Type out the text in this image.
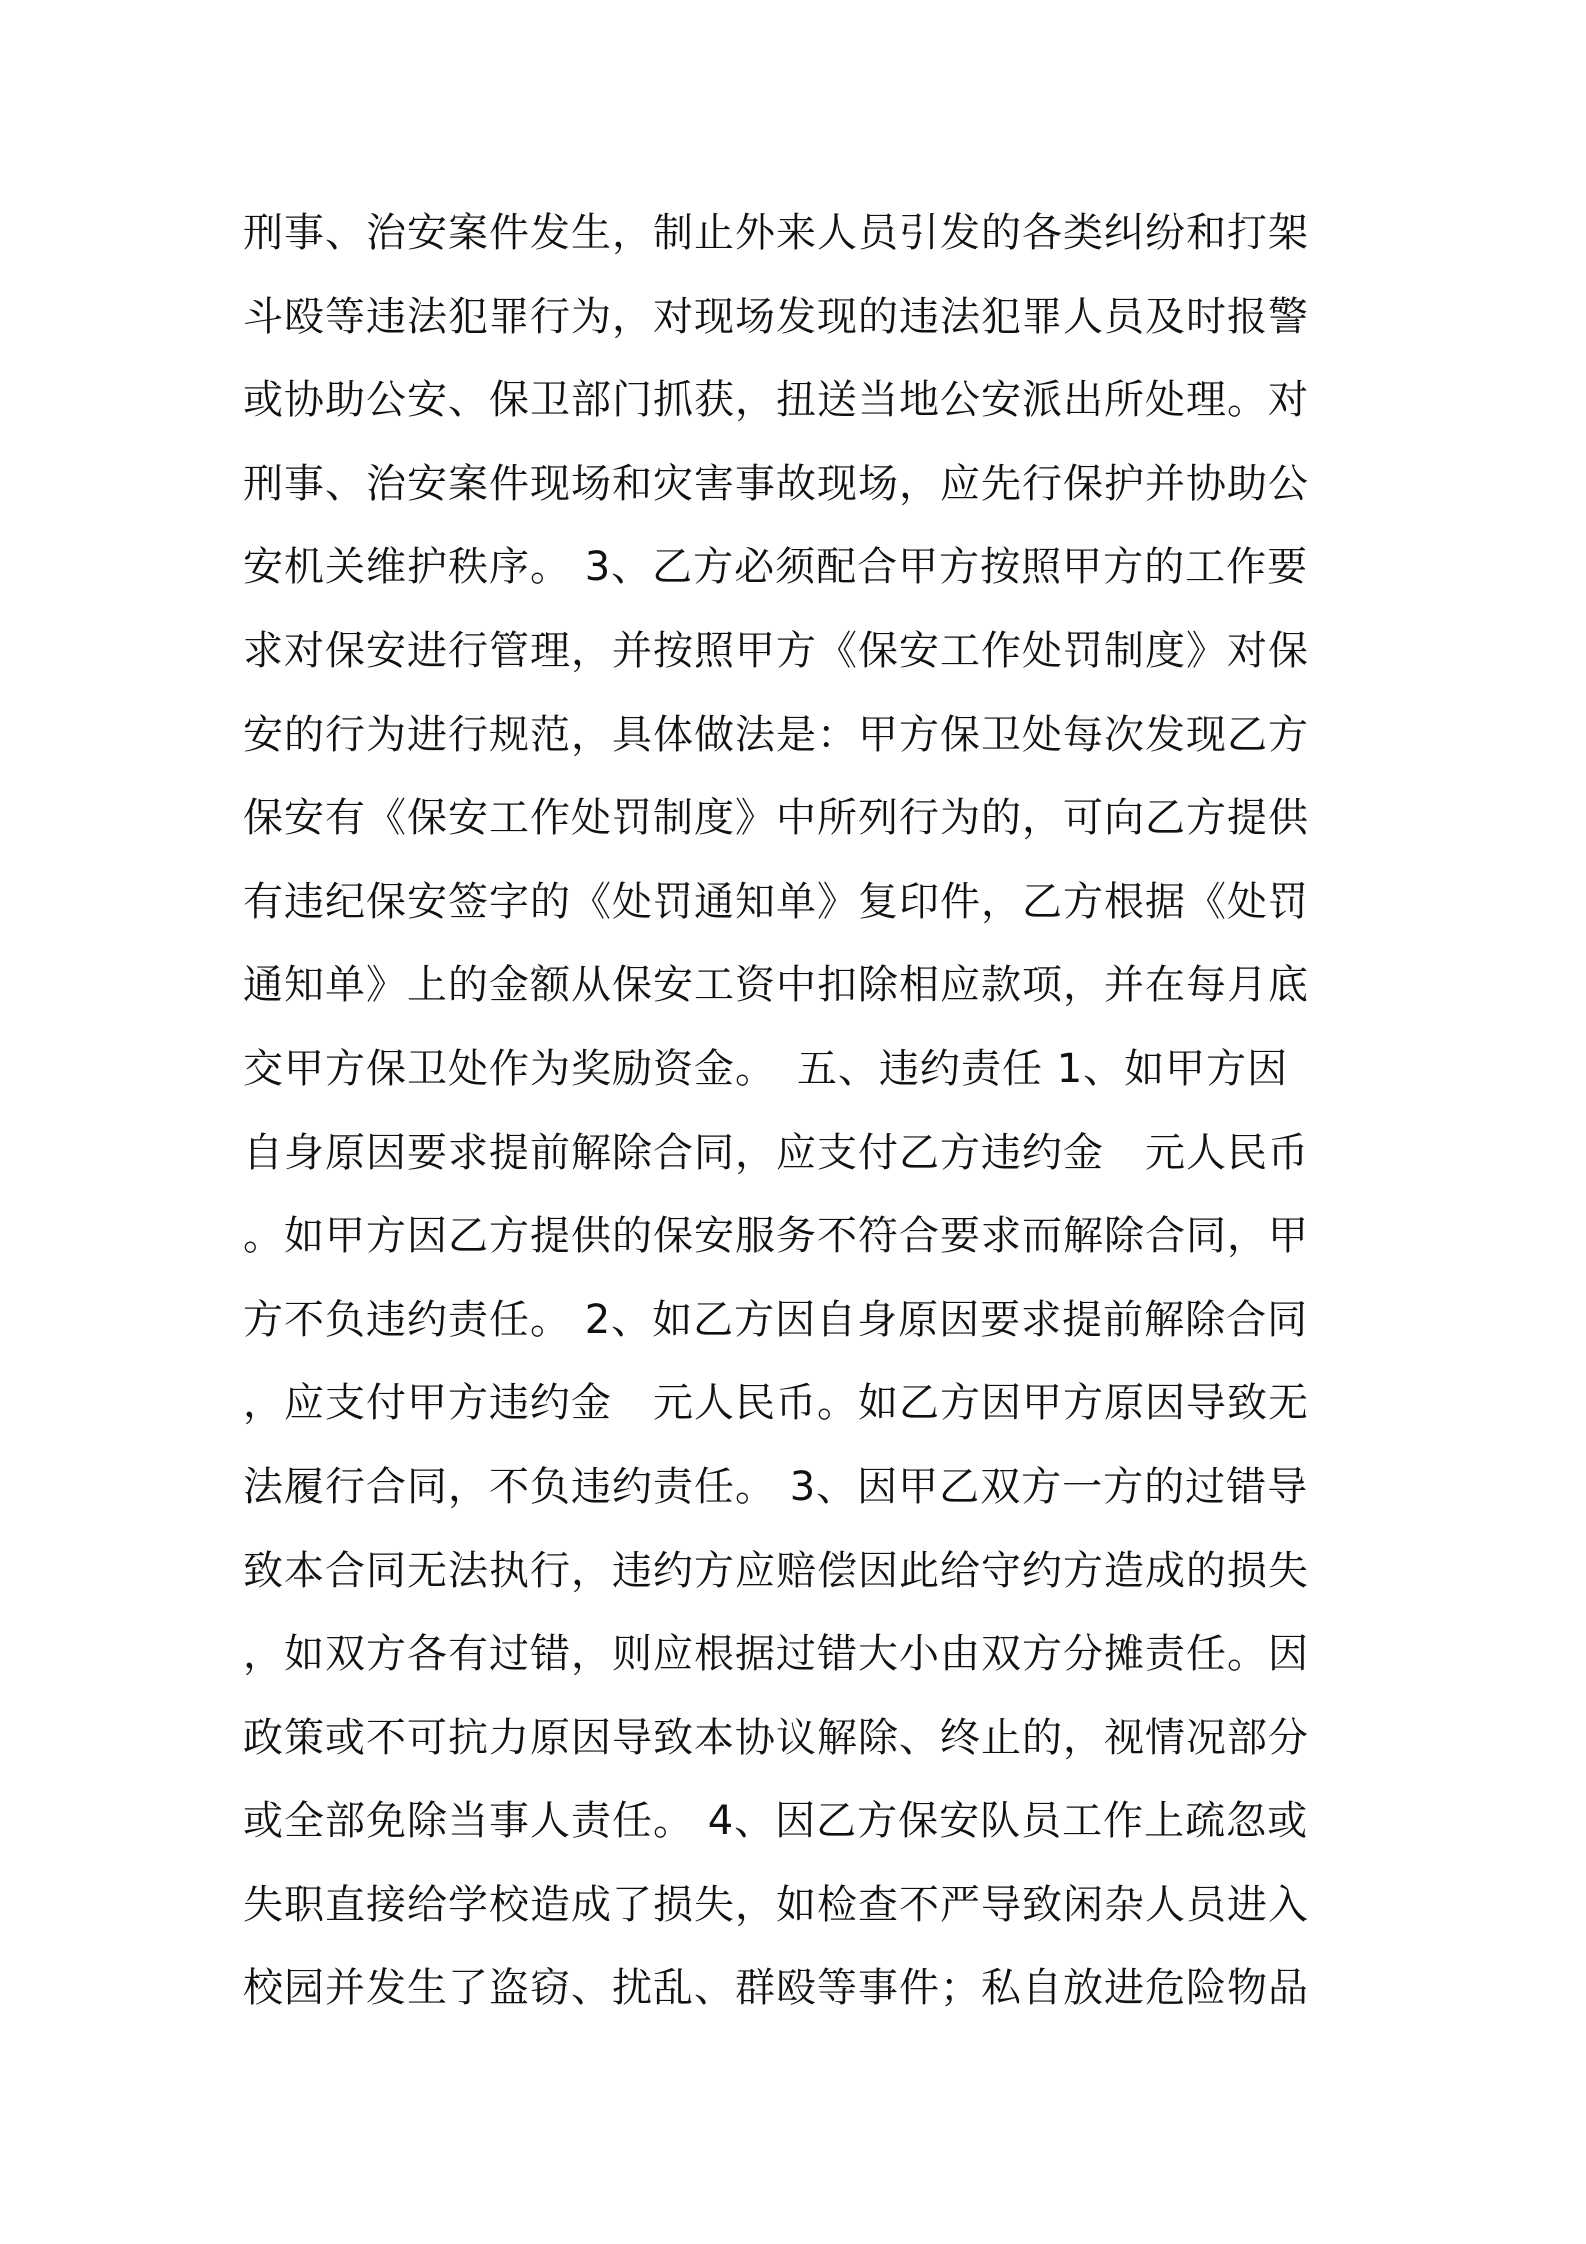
刑事、治安案件发生，制止外来人员引发的各类纠纷和打架
斗殴等违法犯罪行为，对现场发现的违法犯罪人员及时报警
或协助公安、保卫部门抓获，扭送当地公安派出所处理。对
刑事、治安案件现场和灾害事故现场，应先行保护并协助公
安机关维护秩序。 3、乙方必须配合甲方按照甲方的工作要
求对保安进行管理，并按照甲方《保安工作处罚制度》对保
安的行为进行规范，具体做法是：甲方保卫处每次发现乙方
保安有《保安工作处罚制度》中所列行为的，可向乙方提供
有违纪保安签字的《处罚通知单》复印件，乙方根据《处罚
通知单》上的金额从保安工资中扣除相应款项，并在每月底
交甲方保卫处作为奖励资金。　五、违约责任 1、如甲方因
自身原因要求提前解除合同，应支付乙方违约金　元人民币
。如甲方因乙方提供的保安服务不符合要求而解除合同，甲
方不负违约责任。 2、如乙方因自身原因要求提前解除合同
，应支付甲方违约金　元人民币。如乙方因甲方原因导致无
法履行合同，不负违约责任。 3、因甲乙双方一方的过错导
致本合同无法执行，违约方应赔偿因此给守约方造成的损失
，如双方各有过错，则应根据过错大小由双方分摊责任。因
政策或不可抗力原因导致本协议解除、终止的，视情况部分
或全部免除当事人责任。 4、因乙方保安队员工作上疏忽或
失职直接给学校造成了损失，如检查不严导致闲杂人员进入
校园并发生了盗窃、扰乱、群殴等事件；私自放进危险物品
